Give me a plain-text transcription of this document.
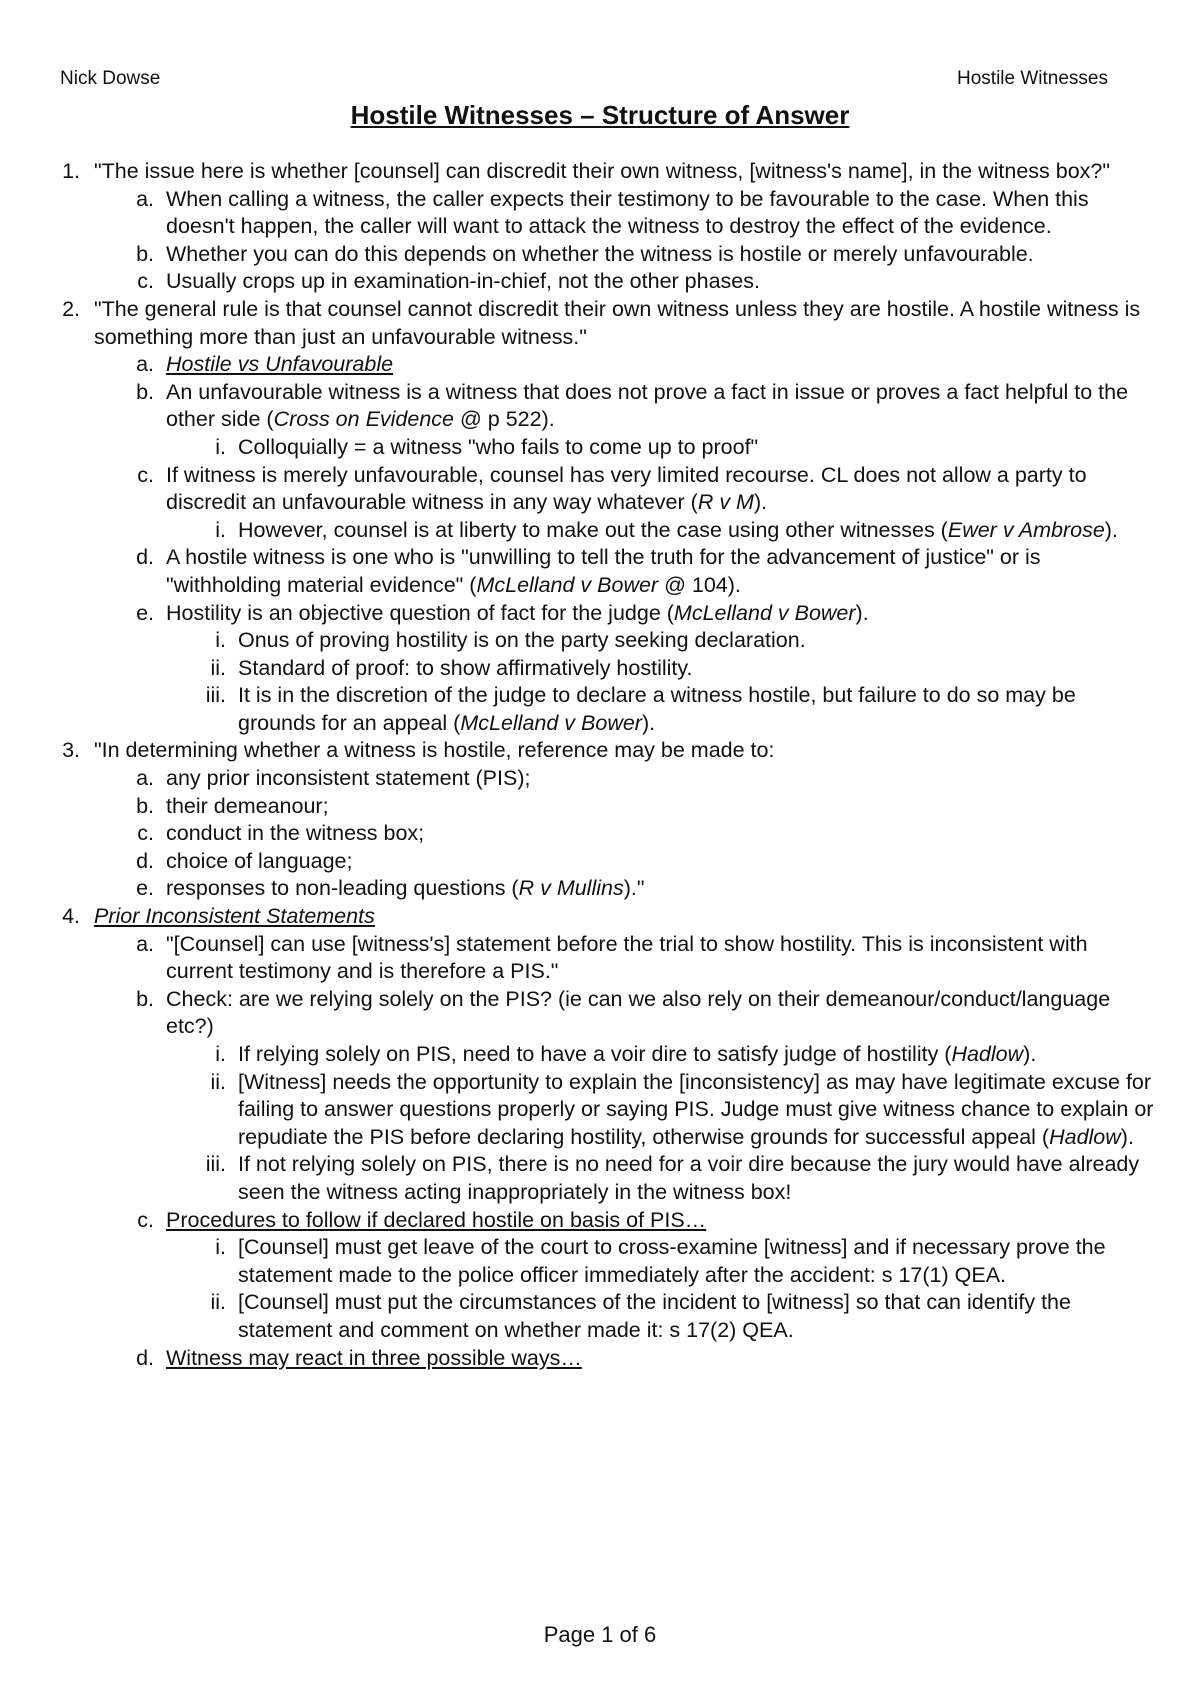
Nick Dowse	Hostile Witnesses
Hostile Witnesses – Structure of Answer
1. "The issue here is whether [counsel] can discredit their own witness, [witness's name], in the witness box?"
a. When calling a witness, the caller expects their testimony to be favourable to the case. When this doesn't happen, the caller will want to attack the witness to destroy the effect of the evidence.
b. Whether you can do this depends on whether the witness is hostile or merely unfavourable.
c. Usually crops up in examination-in-chief, not the other phases.
2. "The general rule is that counsel cannot discredit their own witness unless they are hostile. A hostile witness is something more than just an unfavourable witness."
a. Hostile vs Unfavourable
b. An unfavourable witness is a witness that does not prove a fact in issue or proves a fact helpful to the other side (Cross on Evidence @ p 522).
i. Colloquially = a witness "who fails to come up to proof"
c. If witness is merely unfavourable, counsel has very limited recourse. CL does not allow a party to discredit an unfavourable witness in any way whatever (R v M).
i. However, counsel is at liberty to make out the case using other witnesses (Ewer v Ambrose).
d. A hostile witness is one who is "unwilling to tell the truth for the advancement of justice" or is "withholding material evidence" (McLelland v Bower @ 104).
e. Hostility is an objective question of fact for the judge (McLelland v Bower).
i. Onus of proving hostility is on the party seeking declaration.
ii. Standard of proof: to show affirmatively hostility.
iii. It is in the discretion of the judge to declare a witness hostile, but failure to do so may be grounds for an appeal (McLelland v Bower).
3. "In determining whether a witness is hostile, reference may be made to:
a. any prior inconsistent statement (PIS);
b. their demeanour;
c. conduct in the witness box;
d. choice of language;
e. responses to non-leading questions (R v Mullins)."
4. Prior Inconsistent Statements
a. "[Counsel] can use [witness's] statement before the trial to show hostility. This is inconsistent with current testimony and is therefore a PIS."
b. Check: are we relying solely on the PIS? (ie can we also rely on their demeanour/conduct/language etc?)
i. If relying solely on PIS, need to have a voir dire to satisfy judge of hostility (Hadlow).
ii. [Witness] needs the opportunity to explain the [inconsistency] as may have legitimate excuse for failing to answer questions properly or saying PIS. Judge must give witness chance to explain or repudiate the PIS before declaring hostility, otherwise grounds for successful appeal (Hadlow).
iii. If not relying solely on PIS, there is no need for a voir dire because the jury would have already seen the witness acting inappropriately in the witness box!
c. Procedures to follow if declared hostile on basis of PIS…
i. [Counsel] must get leave of the court to cross-examine [witness] and if necessary prove the statement made to the police officer immediately after the accident: s 17(1) QEA.
ii. [Counsel] must put the circumstances of the incident to [witness] so that can identify the statement and comment on whether made it: s 17(2) QEA.
d. Witness may react in three possible ways…
Page 1 of 6
